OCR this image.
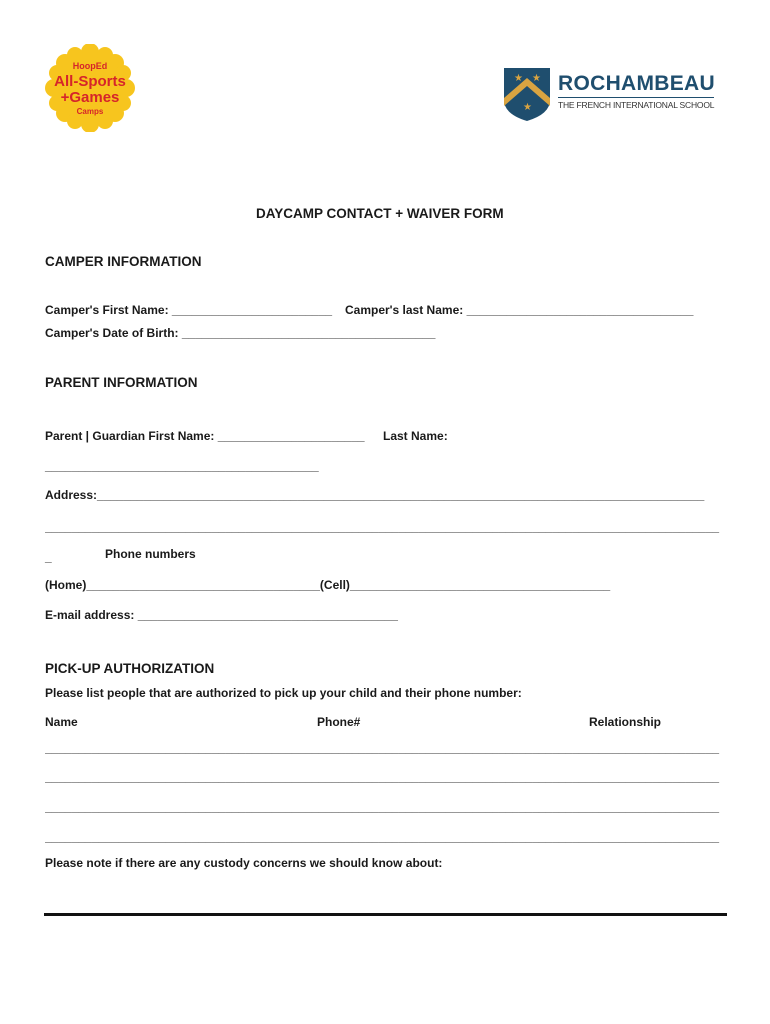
HoopEd
All-Sports
+Games
Camps
★ ★
★
ROCHAMBEAU
THE FRENCH INTERNATIONAL SCHOOL
DAYCAMP CONTACT + WAIVER FORM
CAMPER INFORMATION
Camper's First Name: ________________________ Camper's last Name: __________________________________
Camper's Date of Birth: ______________________________________
PARENT INFORMATION
Parent | Guardian First Name: ______________________ Last Name:
_________________________________________
Address:___________________________________________________________________________________________
_____________________________________________________________________________________________________
_	Phone numbers
(Home)___________________________________(Cell)_______________________________________
E-mail address: _______________________________________
PICK-UP AUTHORIZATION
Please list people that are authorized to pick up your child and their phone number:
Name	Phone#	Relationship
_____________________________________________________________________________________________________
_____________________________________________________________________________________________________
_____________________________________________________________________________________________________
_____________________________________________________________________________________________________
Please note if there are any custody concerns we should know about:
